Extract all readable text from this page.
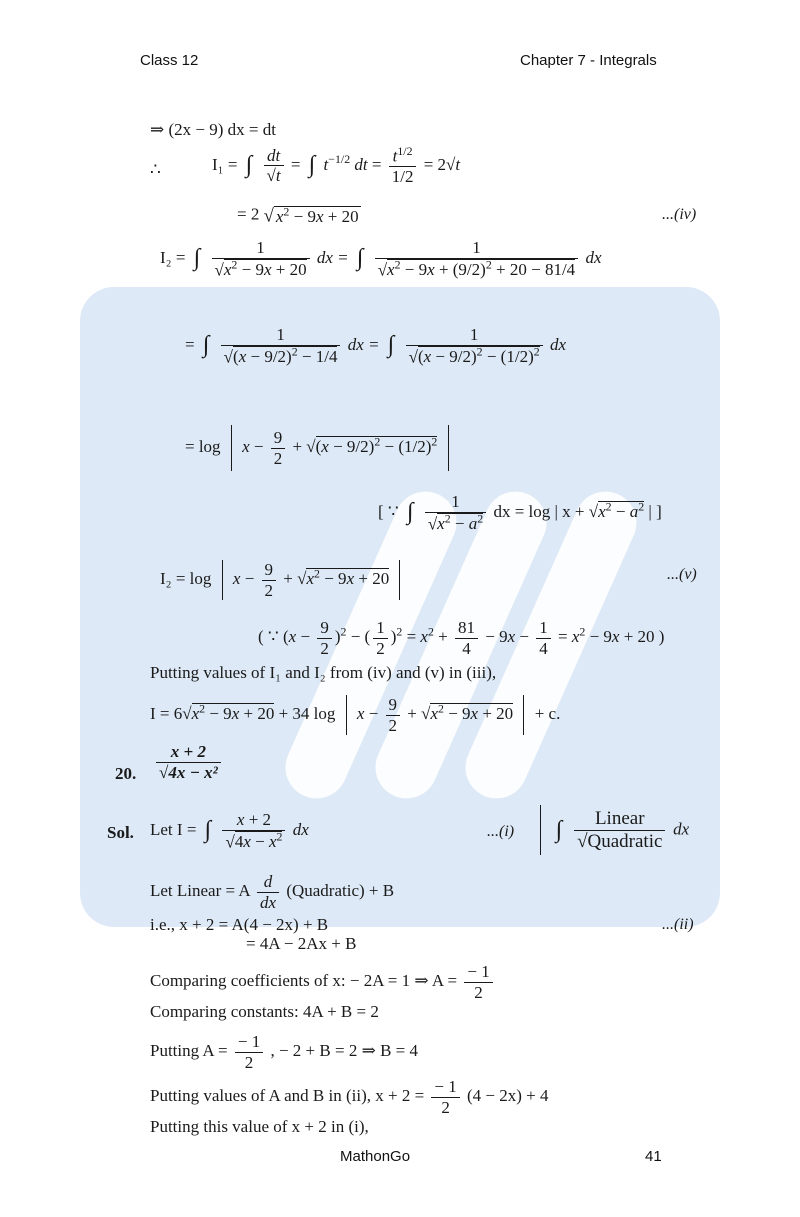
Class 12	Chapter 7 - Integrals
MathonGo	41
⇒ (2x − 9) dx = dt
∴	I₁ = ∫ $\frac{dt}{√t}$ = ∫ $t^{-1/2}$ dt = $\frac{t^{1/2}}{1/2} = 2√t$
= 2 √ $x^2 - 9x + 20$	...(iv)
I₂ = ∫ $\frac{1}{√x^2 - 9x + 20}$ dx = ∫ $\frac{1}{√x^2 - 9x + (9/2)^2 + 20 - 81/4}$ dx
= ∫ $\frac{1}{√(x - 9/2)^2 - 1/4}$ dx = ∫ $\frac{1}{√(x - 9/2)^2 - (1/2)^2}$ dx
= $\log x - \frac{9}{2} + √(x - 9/2)^2 - (1/2)^2$
[ ∵ ∫ $\frac{1}{√x^2 - a^2}$ dx = log | $x + √x^2 - a^2$ | ]
$I_2 = \log x - \frac{9}{2} + √x^2 - 9x + 20$	...(v)
( ∵ $(x - \frac{9}{2} )^2$ − ( $\frac{1}{2} )^2 = x^2 + \frac{81}{4} - 9x - \frac{1}{4} = x^2 - 9x + 20$ )
Putting values of I₁ and I₂ from (iv) and (v) in (iii),
$I = 6√x^2 - 9x + 20 + 34$ $\log x - \frac{9}{2} + √x^2 - 9x + 20 + c$.
20. $\frac{x + 2}{\text{√4x − x²}}$
Sol. Let I = ∫ $\frac{x + 2}{√4x - x^2}$ dx	...(i)	∫ $\frac{\text{Linear}}{\text{√Quadratic}}$ dx
Let Linear = A $\frac{d}{dx}$ (Quadratic) + B
i.e., x + 2 = A(4 − 2x) + B	...(ii)
= 4A − 2Ax + B
Comparing coefficients of x: − 2A = 1 ⇒ $A = \frac{- 1}{2}$
Comparing constants: 4A + B = 2
Putting $A = \frac{- 1}{2}$ , − 2 + B = 2 ⇒ B = 4
Putting values of A and B in (ii), $x + 2 = \frac{- 1}{2} (4 - 2x) + 4$
Putting this value of x + 2 in (i),
